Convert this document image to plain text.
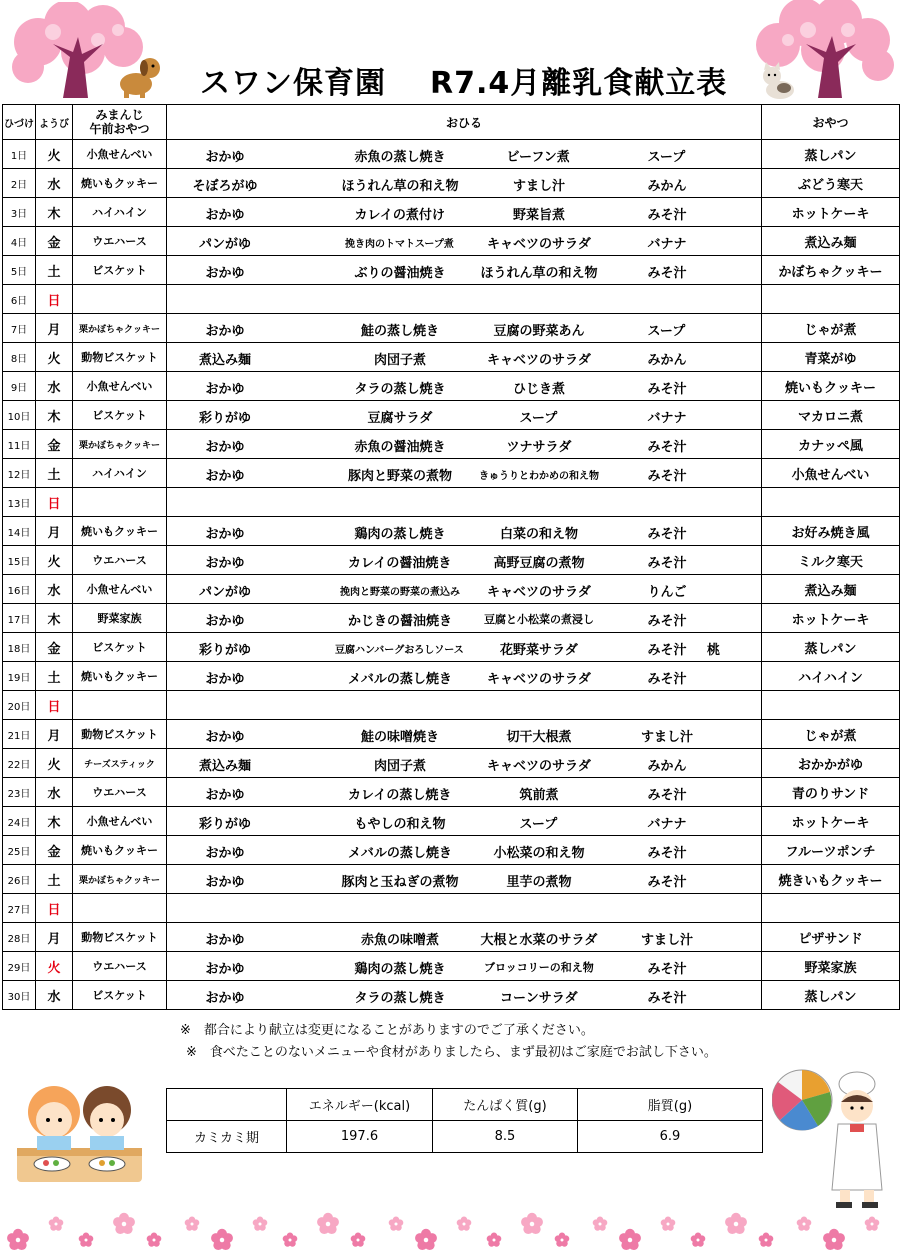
スワン保育園 R7.4月離乳食献立表
ひづけ	ようび	みまんじ
午前おやつ	おひる	おやつ
1日	火	小魚せんべい	おかゆ 赤魚の蒸し焼き ビーフン煮 スープ	蒸しパン
2日	水	焼いもクッキー	そぼろがゆ ほうれん草の和え物 すまし汁 みかん	ぶどう寒天
3日	木	ハイハイン	おかゆ カレイの煮付け 野菜旨煮 みそ汁	ホットケーキ
4日	金	ウエハース	パンがゆ 挽き肉のトマトスープ煮 キャベツのサラダ バナナ	煮込み麺
5日	土	ビスケット	おかゆ ぶりの醤油焼き ほうれん草の和え物 みそ汁	かぼちゃクッキー
6日	日			
7日	月	栗かぼちゃクッキー	おかゆ 鮭の蒸し焼き 豆腐の野菜あん スープ	じゃが煮
8日	火	動物ビスケット	煮込み麺 肉団子煮 キャベツのサラダ みかん	青菜がゆ
9日	水	小魚せんべい	おかゆ タラの蒸し焼き ひじき煮 みそ汁	焼いもクッキー
10日	木	ビスケット	彩りがゆ 豆腐サラダ スープ バナナ	マカロニ煮
11日	金	栗かぼちゃクッキー	おかゆ 赤魚の醤油焼き ツナサラダ みそ汁	カナッペ風
12日	土	ハイハイン	おかゆ 豚肉と野菜の煮物 きゅうりとわかめの和え物 みそ汁	小魚せんべい
13日	日			
14日	月	焼いもクッキー	おかゆ 鶏肉の蒸し焼き 白菜の和え物 みそ汁	お好み焼き風
15日	火	ウエハース	おかゆ カレイの醤油焼き 高野豆腐の煮物 みそ汁	ミルク寒天
16日	水	小魚せんべい	パンがゆ 挽肉と野菜の野菜の煮込み キャベツのサラダ りんご	煮込み麺
17日	木	野菜家族	おかゆ かじきの醤油焼き 豆腐と小松菜の煮浸し みそ汁	ホットケーキ
18日	金	ビスケット	彩りがゆ 豆腐ハンバーグおろしソース 花野菜サラダ みそ汁 桃	蒸しパン
19日	土	焼いもクッキー	おかゆ メバルの蒸し焼き キャベツのサラダ みそ汁	ハイハイン
20日	日			
21日	月	動物ビスケット	おかゆ 鮭の味噌焼き 切干大根煮 すまし汁	じゃが煮
22日	火	チーズスティック	煮込み麺 肉団子煮 キャベツのサラダ みかん	おかかがゆ
23日	水	ウエハース	おかゆ カレイの蒸し焼き 筑前煮 みそ汁	青のりサンド
24日	木	小魚せんべい	彩りがゆ もやしの和え物 スープ バナナ	ホットケーキ
25日	金	焼いもクッキー	おかゆ メバルの蒸し焼き 小松菜の和え物 みそ汁	フルーツポンチ
26日	土	栗かぼちゃクッキー	おかゆ 豚肉と玉ねぎの煮物 里芋の煮物 みそ汁	焼きいもクッキー
27日	日			
28日	月	動物ビスケット	おかゆ 赤魚の味噌煮 大根と水菜のサラダ すまし汁	ピザサンド
29日	火	ウエハース	おかゆ 鶏肉の蒸し焼き ブロッコリーの和え物 みそ汁	野菜家族
30日	水	ビスケット	おかゆ タラの蒸し焼き コーンサラダ みそ汁	蒸しパン
※　都合により献立は変更になることがありますのでご了承ください。
※　食べたことのないメニューや食材がありましたら、まず最初はご家庭でお試し下さい。
	エネルギー(kcal)	たんぱく質(g)	脂質(g)
カミカミ期	197.6	8.5	6.9
